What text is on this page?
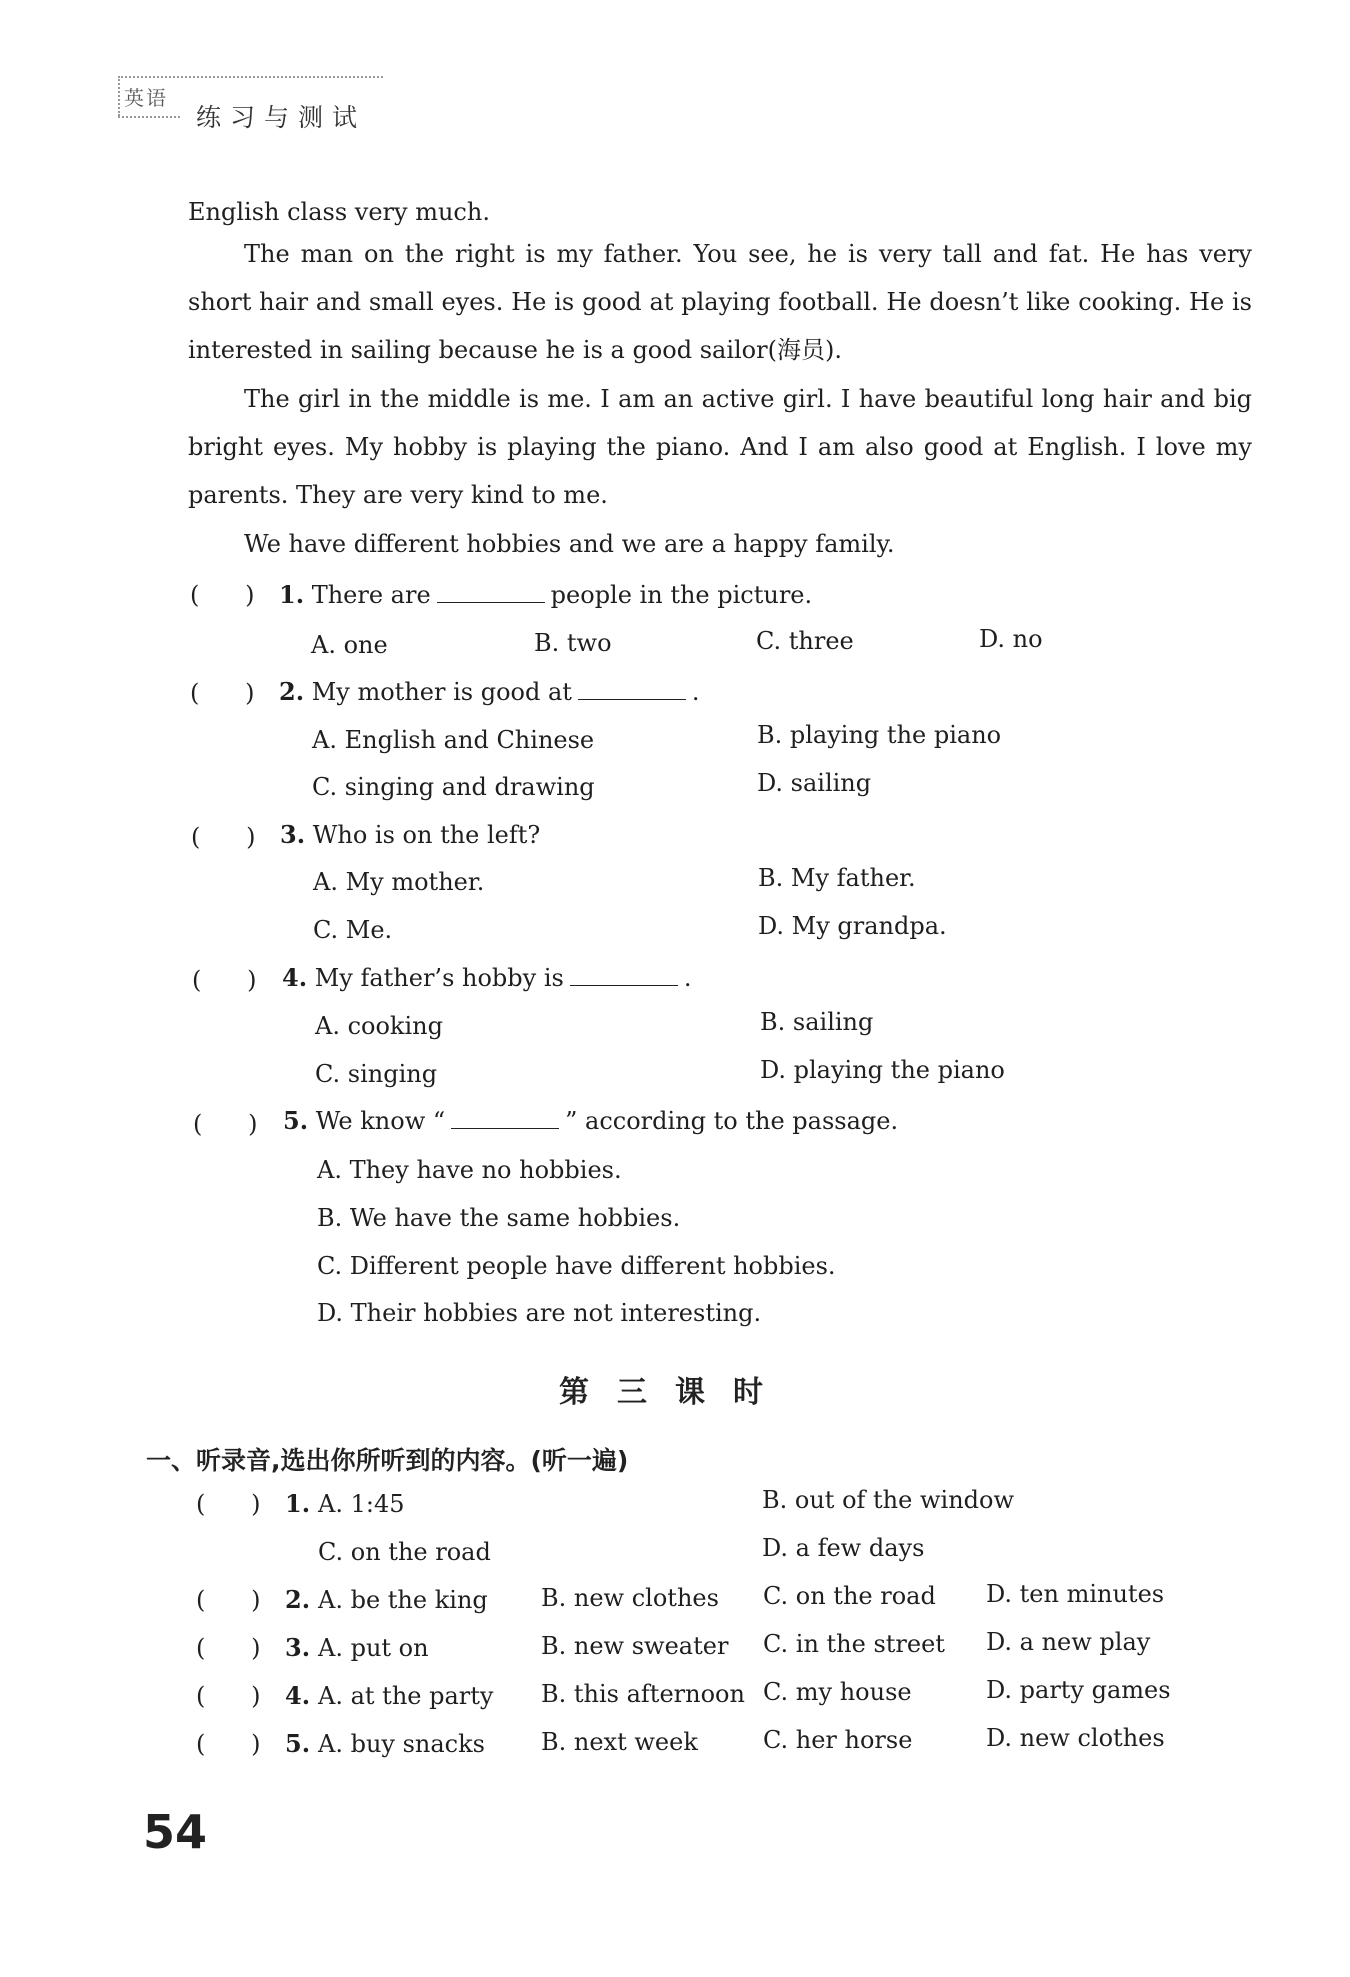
英语
练习与测试
English class very much.
The man on the right is my father. You see, he is very tall and fat. He has very short hair and small eyes. He is good at playing football. He doesn’t like cooking. He is interested in sailing because he is a good sailor(海员).
The girl in the middle is me. I am an active girl. I have beautiful long hair and big bright eyes. My hobby is playing the piano. And I am also good at English. I love my parents. They are very kind to me.
We have different hobbies and we are a happy family.
(      ) 1. There are	people in the picture.
A. one	B. two	C. three	D. no
(      ) 2. My mother is good at	.
A. English and Chinese	B. playing the piano
C. singing and drawing	D. sailing
(      ) 3. Who is on the left?
A. My mother.	B. My father.
C. Me.	D. My grandpa.
(      ) 4. My father’s hobby is	.
A. cooking	B. sailing
C. singing	D. playing the piano
(      ) 5. We know “	” according to the passage.
A. They have no hobbies.
B. We have the same hobbies.
C. Different people have different hobbies.
D. Their hobbies are not interesting.
第三课时
一、听录音,选出你所听到的内容。(听一遍)
(      ) 1. A. 1:45	B. out of the window
C. on the road	D. a few days
(      ) 2. A. be the king B. new clothes C. on the road D. ten minutes
(      ) 3. A. put on	B. new sweater C. in the street D. a new play
(      ) 4. A. at the party B. this afternoon C. my house	D. party games
(      ) 5. A. buy snacks B. next week	C. her horse	D. new clothes
54
